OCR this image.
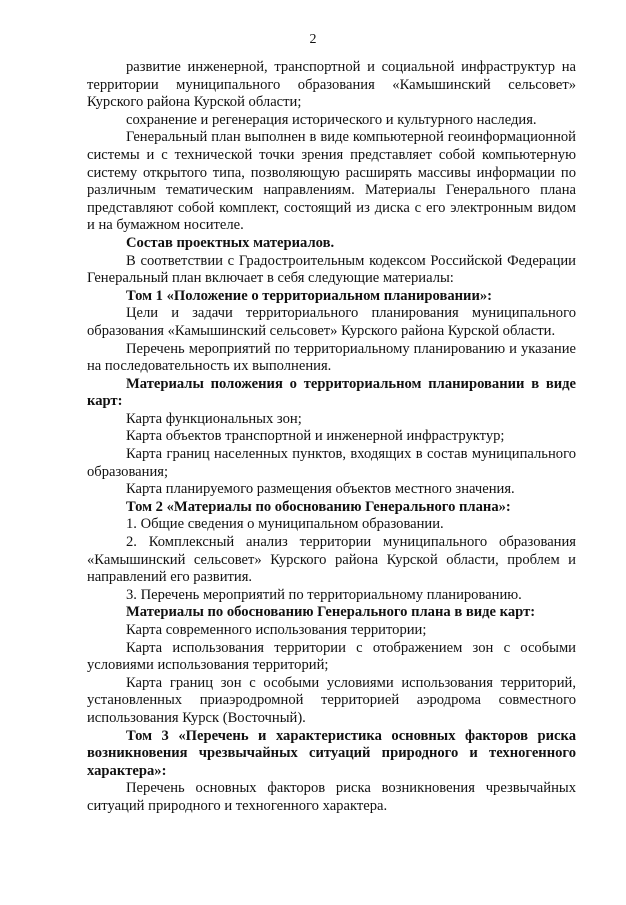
2

развитие инженерной, транспортной и социальной инфраструктур на территории муниципального образования «Камышинский сельсовет» Курского района Курской области;

сохранение и регенерация исторического и культурного наследия.

Генеральный план выполнен в виде компьютерной геоинформационной системы и с технической точки зрения представляет собой компьютерную систему открытого типа, позволяющую расширять массивы информации по различным тематическим направлениям. Материалы Генерального плана представляют собой комплект, состоящий из диска с его электронным видом и на бумажном носителе.

Состав проектных материалов.

В соответствии с Градостроительным кодексом Российской Федерации Генеральный план включает в себя следующие материалы:

Том 1 «Положение о территориальном планировании»:

Цели и задачи территориального планирования муниципального образования «Камышинский сельсовет» Курского района Курской области.

Перечень мероприятий по территориальному планированию и указание на последовательность их выполнения.

Материалы положения о территориальном планировании в виде карт:

Карта функциональных зон;

Карта объектов транспортной и инженерной инфраструктур;

Карта границ населенных пунктов, входящих в состав муниципального образования;

Карта планируемого размещения объектов местного значения.

Том 2 «Материалы по обоснованию Генерального плана»:

1. Общие сведения о муниципальном образовании.

2. Комплексный анализ территории муниципального образования «Камышинский сельсовет» Курского района Курской области, проблем и направлений его развития.

3. Перечень мероприятий по территориальному планированию.

Материалы по обоснованию Генерального плана в виде карт:

Карта современного использования территории;

Карта использования территории с отображением зон с особыми условиями использования территорий;

Карта границ зон с особыми условиями использования территорий, установленных приаэродромной территорией аэродрома совместного использования Курск (Восточный).

Том 3 «Перечень и характеристика основных факторов риска возникновения чрезвычайных ситуаций природного и техногенного характера»:

Перечень основных факторов риска возникновения чрезвычайных ситуаций природного и техногенного характера.
